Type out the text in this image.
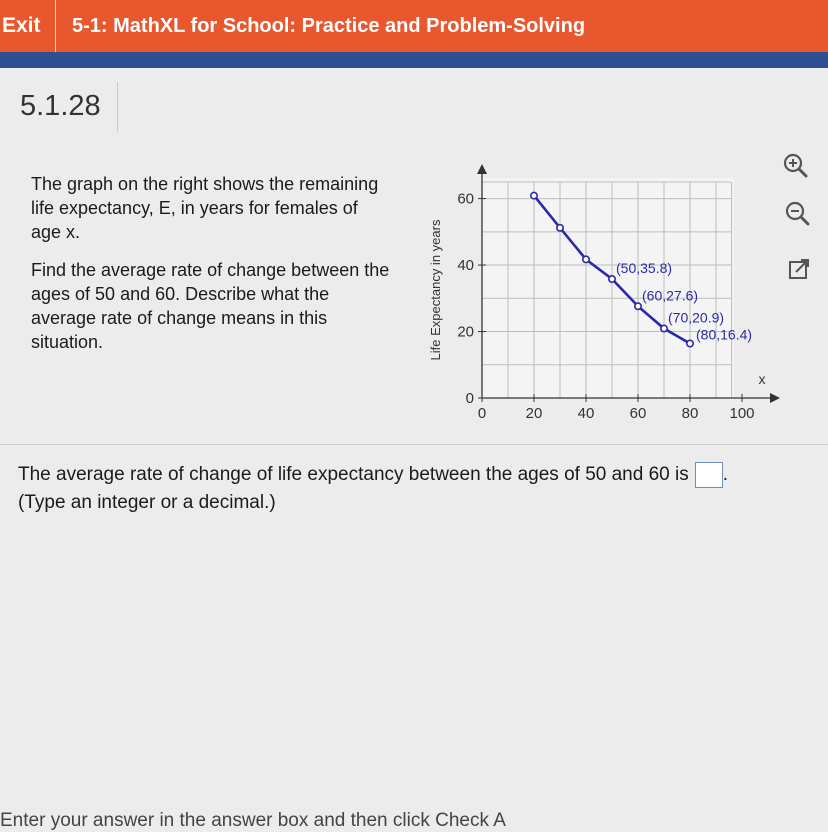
Exit	5-1: MathXL for School: Practice and Problem-Solving
5.1.28

The graph on the right shows the remaining life expectancy, E, in years for females of age x.

Find the average rate of change between the ages of 50 and 60. Describe what the average rate of change means in this situation.

0	20 40 60 80 100
0
20
40
60
Life Expectancy in years
x
(50,35.8)
(60,27.6)
(70,20.9)
(80,16.4)
The average rate of change of life expectancy between the ages of 50 and 60 is .
(Type an integer or a decimal.)
Enter your answer in the answer box and then click Check A
